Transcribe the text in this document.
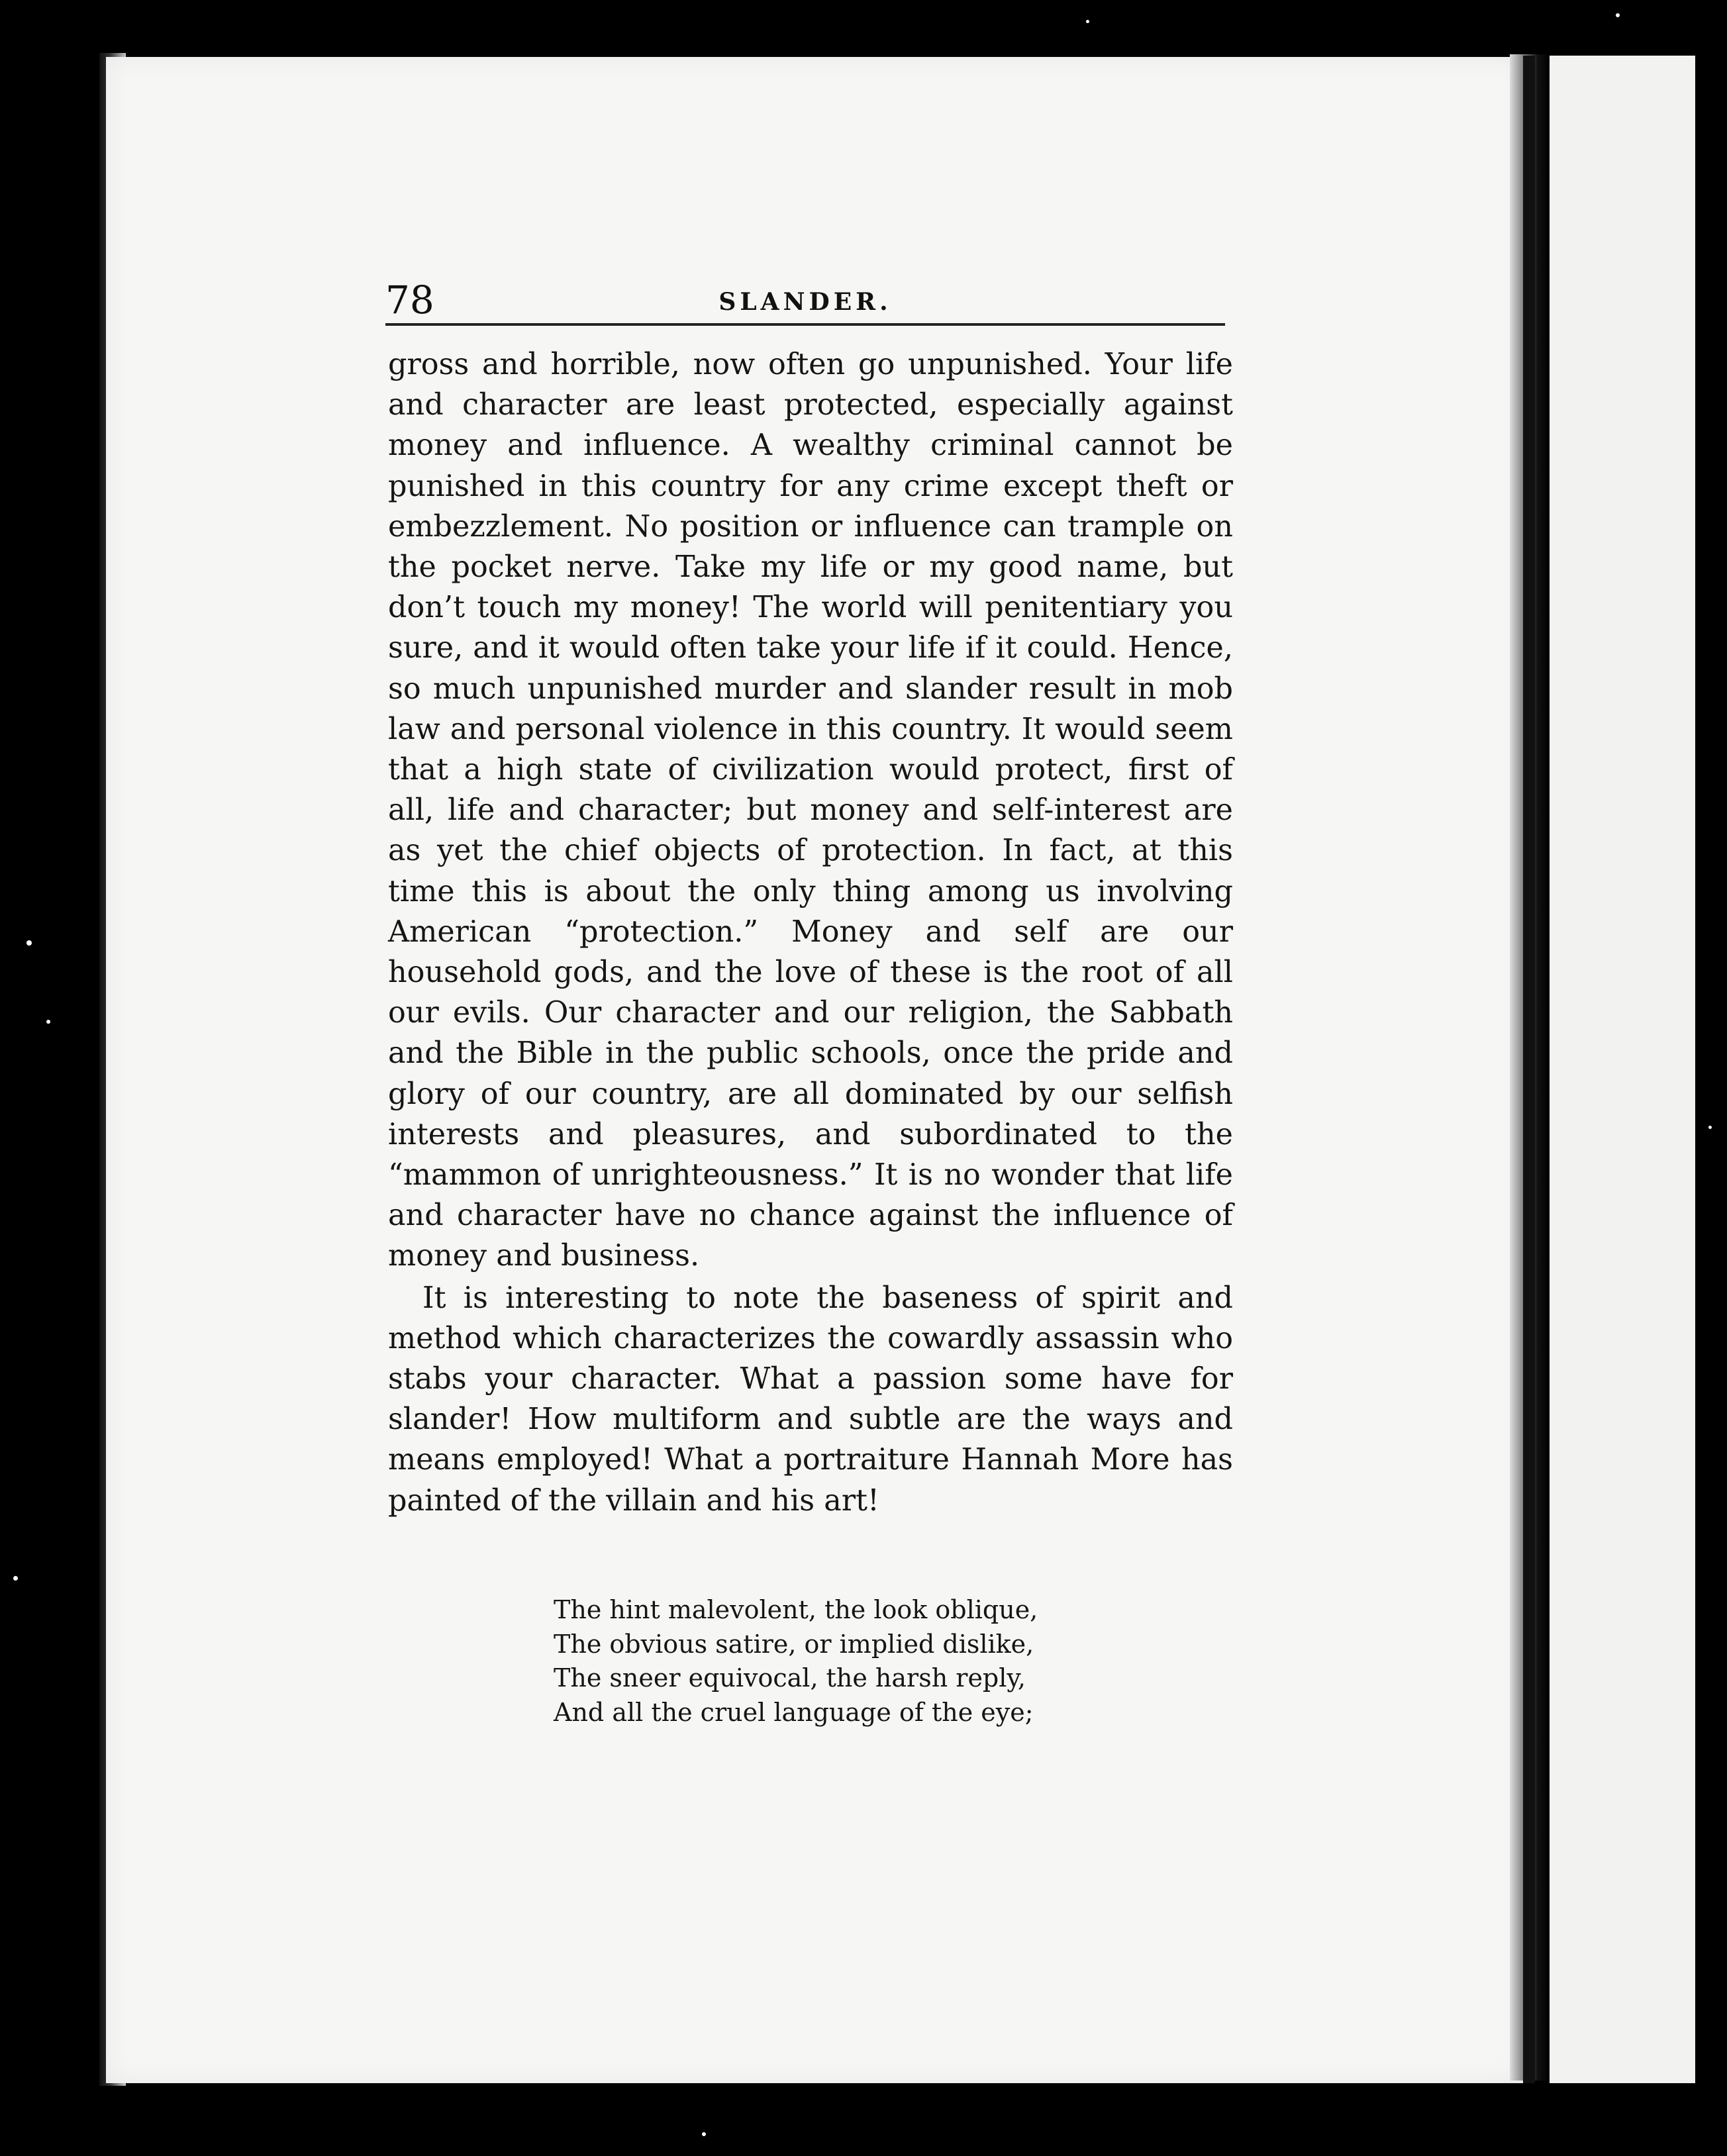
78	SLANDER.

gross and horrible, now often go unpunished. Your life and character are least protected, especially against money and influence. A wealthy criminal cannot be punished in this country for any crime except theft or embezzlement. No position or influence can trample on the pocket nerve. Take my life or my good name, but don’t touch my money! The world will penitentiary you sure, and it would often take your life if it could. Hence, so much unpunished murder and slander result in mob law and personal violence in this country. It would seem that a high state of civilization would protect, first of all, life and character; but money and self-interest are as yet the chief objects of protection. In fact, at this time this is about the only thing among us involving American “protection.” Money and self are our household gods, and the love of these is the root of all our evils. Our character and our religion, the Sabbath and the Bible in the public schools, once the pride and glory of our country, are all dominated by our selfish interests and pleasures, and subordinated to the “mammon of unrighteousness.” It is no wonder that life and character have no chance against the influence of money and business.

It is interesting to note the baseness of spirit and method which characterizes the cowardly assassin who stabs your character. What a passion some have for slander! How multiform and subtle are the ways and means employed! What a portraiture Hannah More has painted of the villain and his art!

The hint malevolent, the look oblique,
The obvious satire, or implied dislike,
The sneer equivocal, the harsh reply,
And all the cruel language of the eye;
